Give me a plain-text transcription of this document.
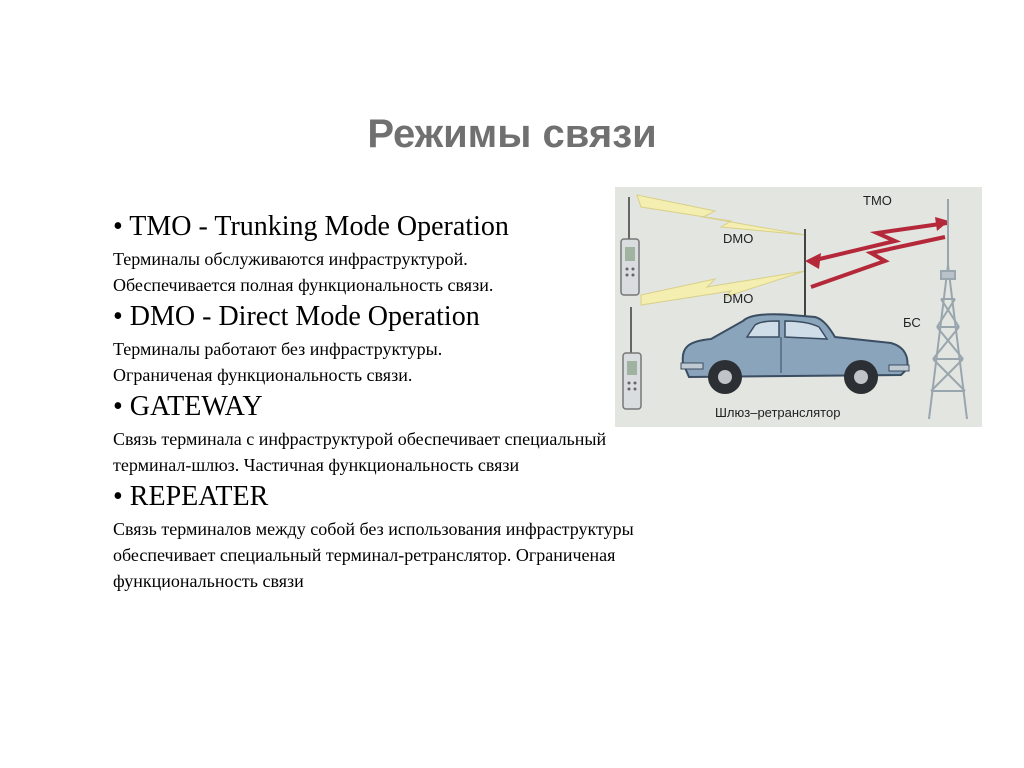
Режимы связи
• TMO - Trunking Mode Operation
Терминалы обслуживаются инфраструктурой.
Обеспечивается полная функциональность связи.
• DMO - Direct Mode Operation
Терминалы работают без инфраструктуры.
Ограниченая функциональность связи.
• GATEWAY
Связь терминала с инфраструктурой обеспечивает специальный
терминал-шлюз. Частичная функциональность связи
• REPEATER
Связь терминалов между собой без использования инфраструктуры
обеспечивает специальный терминал-ретранслятор. Ограниченая
функциональность связи
TMO
DMO
DMO
БС
Шлюз–ретранслятор
